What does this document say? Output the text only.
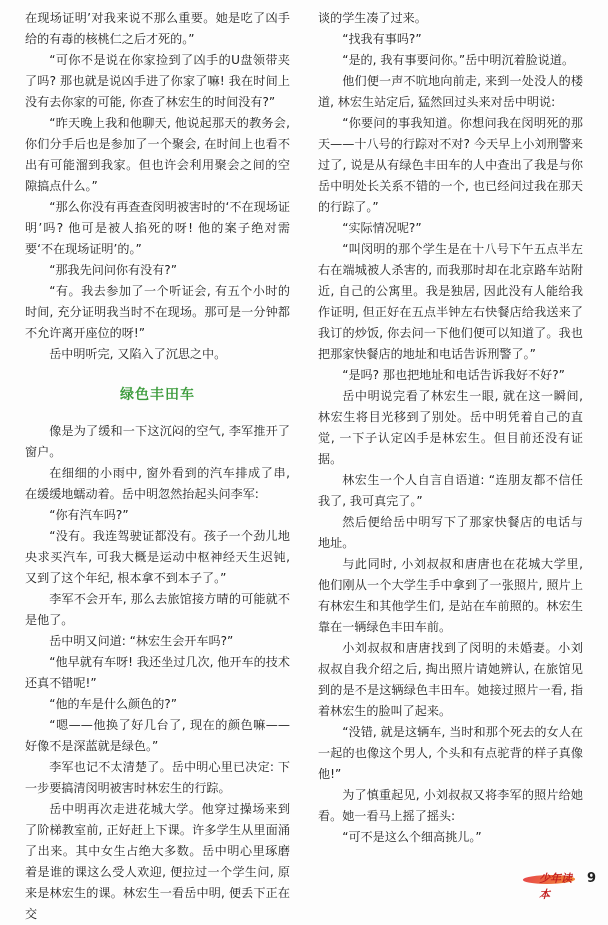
在现场证明’对我来说不那么重要。她是吃了凶手给的有毒的核桃仁之后才死的。”

“可你不是说在你家捡到了凶手的U盘领带夹了吗? 那也就是说凶手进了你家了嘛! 我在时间上没有去你家的可能, 你查了林宏生的时间没有?”

“昨天晚上我和他聊天, 他说起那天的教务会, 你们分手后也是参加了一个聚会, 在时间上也看不出有可能溜到我家。但也许会利用聚会之间的空隙搞点什么。”

“那么你没有再查查闵明被害时的‘不在现场证明’吗? 他可是被人掐死的呀! 他的案子绝对需要‘不在现场证明’的。”

“那我先问问你有没有?”

“有。我去参加了一个听证会, 有五个小时的时间, 充分证明我当时不在现场。那可是一分钟都不允许离开座位的呀!”

岳中明听完, 又陷入了沉思之中。

绿色丰田车

像是为了缓和一下这沉闷的空气, 李军推开了窗户。

在细细的小雨中, 窗外看到的汽车排成了串, 在缓缓地蠕动着。岳中明忽然抬起头问李军:

“你有汽车吗?”

“没有。我连驾驶证都没有。孩子一个劲儿地央求买汽车, 可我大概是运动中枢神经天生迟钝, 又到了这个年纪, 根本拿不到本子了。”

李军不会开车, 那么去旅馆接方晴的可能就不是他了。

岳中明又问道: “林宏生会开车吗?”

“他早就有车呀! 我还坐过几次, 他开车的技术还真不错呢!”

“他的车是什么颜色的?”

“嗯——他换了好几台了, 现在的颜色嘛——好像不是深蓝就是绿色。”

李军也记不太清楚了。岳中明心里已决定: 下一步要搞清闵明被害时林宏生的行踪。

岳中明再次走进花城大学。他穿过操场来到了阶梯教室前, 正好赶上下课。许多学生从里面涌了出来。其中女生占绝大多数。岳中明心里琢磨着是谁的课这么受人欢迎, 便拉过一个学生问, 原来是林宏生的课。林宏生一看岳中明, 便丢下正在交

谈的学生凑了过来。

“找我有事吗?”

“是的, 我有事要问你。”岳中明沉着脸说道。

他们便一声不吭地向前走, 来到一处没人的楼道, 林宏生站定后, 猛然回过头来对岳中明说:

“你要问的事我知道。你想问我在闵明死的那天——十八号的行踪对不对? 今天早上小刘刑警来过了, 说是从有绿色丰田车的人中查出了我是与你岳中明处长关系不错的一个, 也已经问过我在那天的行踪了。”

“实际情况呢?”

“叫闵明的那个学生是在十八号下午五点半左右在端城被人杀害的, 而我那时却在北京路车站附近, 自己的公寓里。我是独居, 因此没有人能给我作证明, 但正好在五点半钟左右快餐店给我送来了我订的炒饭, 你去问一下他们便可以知道了。我也把那家快餐店的地址和电话告诉刑警了。”

“是吗? 那也把地址和电话告诉我好不好?”

岳中明说完看了林宏生一眼, 就在这一瞬间, 林宏生将目光移到了别处。岳中明凭着自己的直觉, 一下子认定凶手是林宏生。但目前还没有证据。

林宏生一个人自言自语道: “连朋友都不信任我了, 我可真完了。”

然后便给岳中明写下了那家快餐店的电话与地址。

与此同时, 小刘叔叔和唐唐也在花城大学里, 他们刚从一个大学生手中拿到了一张照片, 照片上有林宏生和其他学生们, 是站在车前照的。林宏生靠在一辆绿色丰田车前。

小刘叔叔和唐唐找到了闵明的未婚妻。小刘叔叔自我介绍之后, 掏出照片请她辨认, 在旅馆见到的是不是这辆绿色丰田车。她接过照片一看, 指着林宏生的脸叫了起来。

“没错, 就是这辆车, 当时和那个死去的女人在一起的也像这个男人, 个头和有点驼背的样子真像他!”

为了慎重起见, 小刘叔叔又将李军的照片给她看。她一看马上摇了摇头:

“可不是这么个细高挑儿。”

少年读本
9
